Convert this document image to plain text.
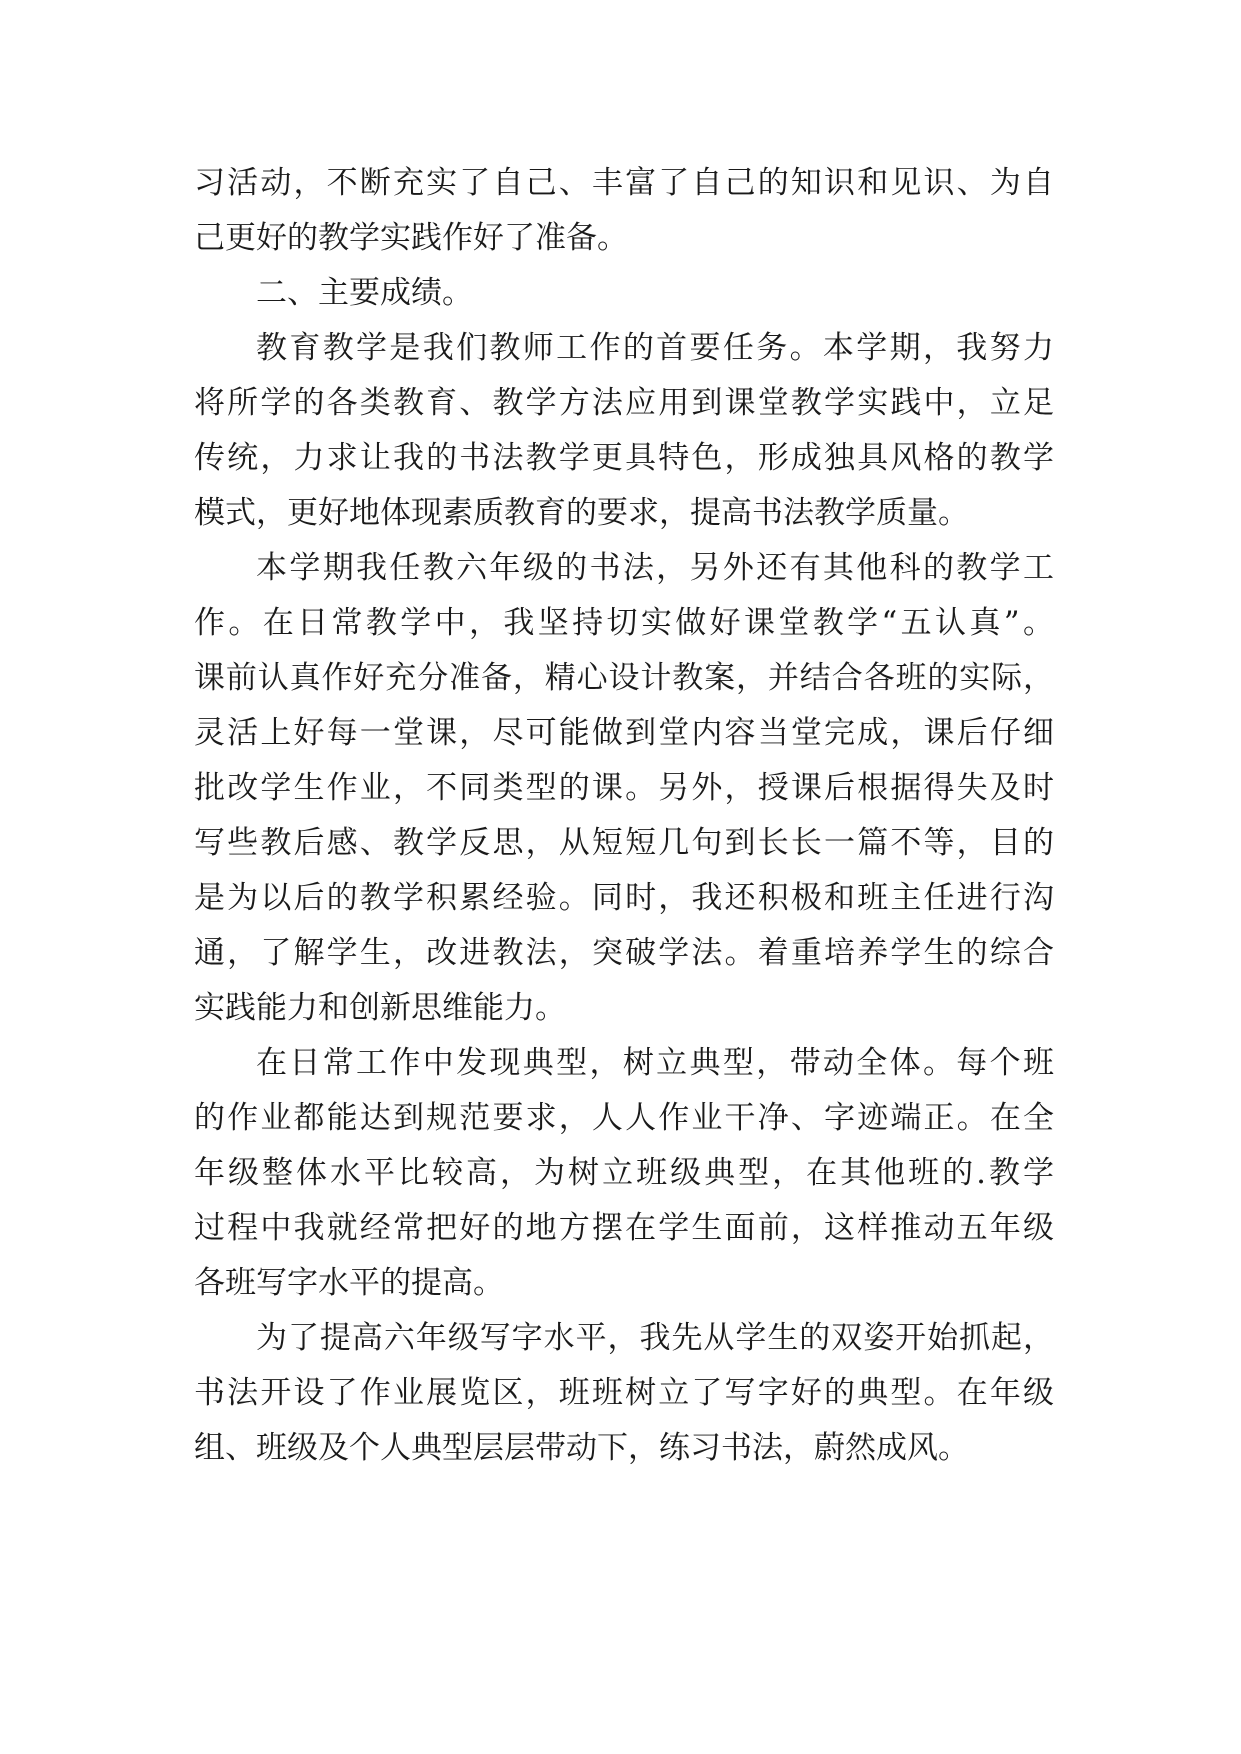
习活动，不断充实了自己、丰富了自己的知识和见识、为自
己更好的教学实践作好了准备。
二、主要成绩。
教育教学是我们教师工作的首要任务。本学期，我努力
将所学的各类教育、教学方法应用到课堂教学实践中，立足
传统，力求让我的书法教学更具特色，形成独具风格的教学
模式，更好地体现素质教育的要求，提高书法教学质量。
本学期我任教六年级的书法，另外还有其他科的教学工
作。在日常教学中，我坚持切实做好课堂教学“五认真”。
课前认真作好充分准备，精心设计教案，并结合各班的实际，
灵活上好每一堂课，尽可能做到堂内容当堂完成，课后仔细
批改学生作业，不同类型的课。另外，授课后根据得失及时
写些教后感、教学反思，从短短几句到长长一篇不等，目的
是为以后的教学积累经验。同时，我还积极和班主任进行沟
通，了解学生，改进教法，突破学法。着重培养学生的综合
实践能力和创新思维能力。
在日常工作中发现典型，树立典型，带动全体。每个班
的作业都能达到规范要求，人人作业干净、字迹端正。在全
年级整体水平比较高，为树立班级典型，在其他班的.教学
过程中我就经常把好的地方摆在学生面前，这样推动五年级
各班写字水平的提高。
为了提高六年级写字水平，我先从学生的双姿开始抓起，
书法开设了作业展览区，班班树立了写字好的典型。在年级
组、班级及个人典型层层带动下，练习书法，蔚然成风。
